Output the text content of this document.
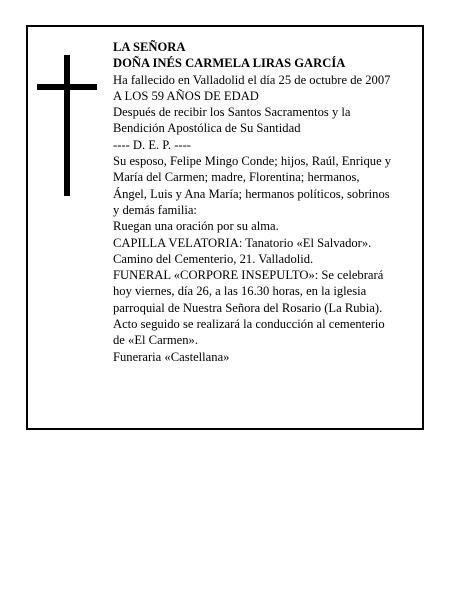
LA SEÑORA
DOÑA INÉS CARMELA LIRAS GARCÍA
Ha fallecido en Valladolid el día 25 de octubre de 2007
A LOS 59 AÑOS DE EDAD
Después de recibir los Santos Sacramentos y la
Bendición Apostólica de Su Santidad
---- D. E. P. ----
Su esposo, Felipe Mingo Conde; hijos, Raúl, Enrique y
María del Carmen; madre, Florentina; hermanos,
Ángel, Luis y Ana María; hermanos políticos, sobrinos
y demás familia:
Ruegan una oración por su alma.
CAPILLA VELATORIA: Tanatorio «El Salvador».
Camino del Cementerio, 21. Valladolid.
FUNERAL «CORPORE INSEPULTO»: Se celebrará
hoy viernes, día 26, a las 16.30 horas, en la iglesia
parroquial de Nuestra Señora del Rosario (La Rubia).
Acto seguido se realizará la conducción al cementerio
de «El Carmen».
Funeraria «Castellana»
